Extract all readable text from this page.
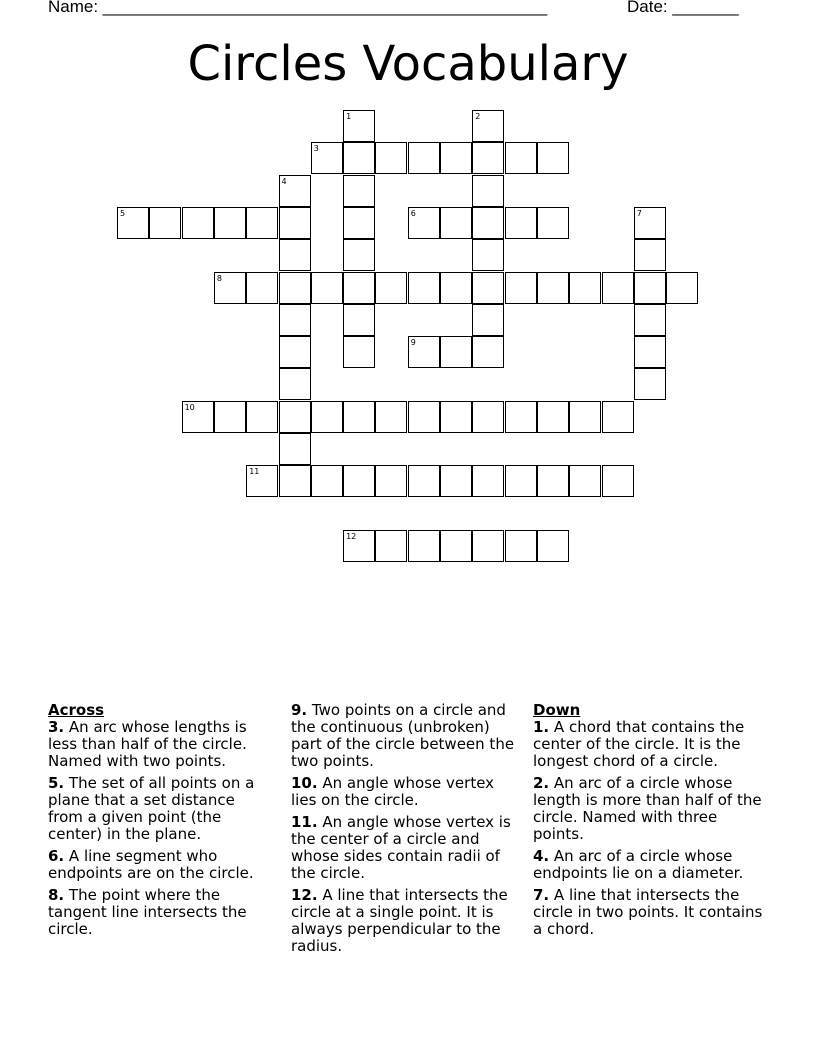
Name: _______________________________________________	Date: _______
Circles Vocabulary
1	2
3
4
5	6	7
8
9
10
11
12
Across
3. An arc whose lengths is less than half of the circle. Named with two points.
5. The set of all points on a plane that a set distance from a given point (the center) in the plane.
6. A line segment who endpoints are on the circle.
8. The point where the tangent line intersects the circle.
9. Two points on a circle and the continuous (unbroken) part of the circle between the two points.
10. An angle whose vertex lies on the circle.
11. An angle whose vertex is the center of a circle and whose sides contain radii of the circle.
12. A line that intersects the circle at a single point. It is always perpendicular to the radius.
Down
1. A chord that contains the center of the circle. It is the longest chord of a circle.
2. An arc of a circle whose length is more than half of the circle. Named with three points.
4. An arc of a circle whose endpoints lie on a diameter.
7. A line that intersects the circle in two points. It contains a chord.
